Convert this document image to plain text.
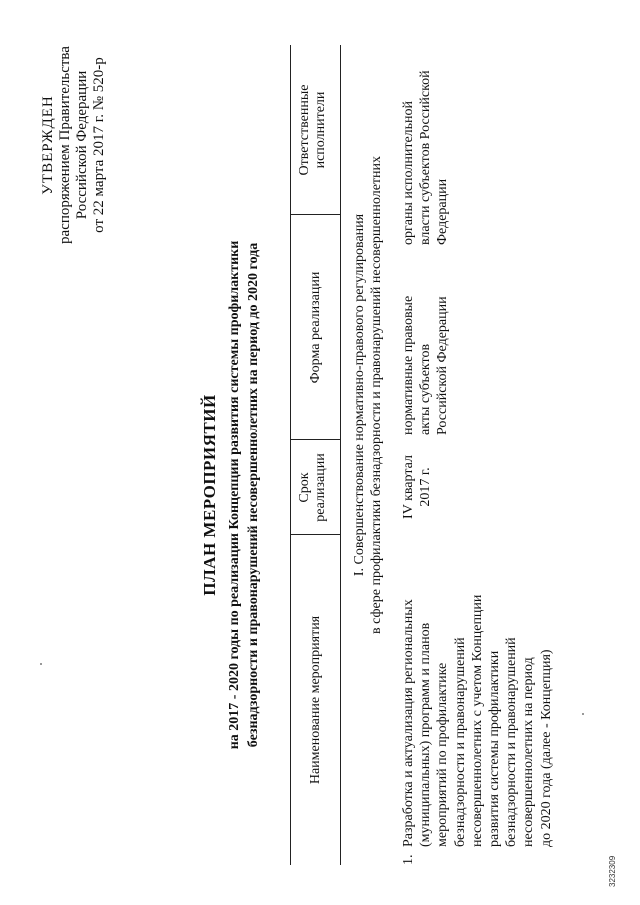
УТВЕРЖДЕН распоряжением Правительства Российской Федерации от 22 марта 2017 г. № 520-р
ПЛАН МЕРОПРИЯТИЙ на 2017 - 2020 годы по реализации Концепции развития системы профилактики безнадзорности и правонарушений несовершеннолетних на период до 2020 года	Наименование мероприятия
Срок реализации
Форма реализации
Ответственные исполнители
I. Совершенствование нормативно-правового регулирования в сфере профилактики безнадзорности и правонарушений несовершеннолетних
1.
Разработка и актуализация региональных (муниципальных) программ и планов мероприятий по профилактике безнадзорности и правонарушений несовершеннолетних с учетом Концепции развития системы профилактики безнадзорности и правонарушений несовершеннолетних на период до 2020 года (далее - Концепция)
IV квартал 2017 г.
нормативные правовые акты субъектов Российской Федерации
органы исполнительной власти субъектов Российской Федерации
3232309
